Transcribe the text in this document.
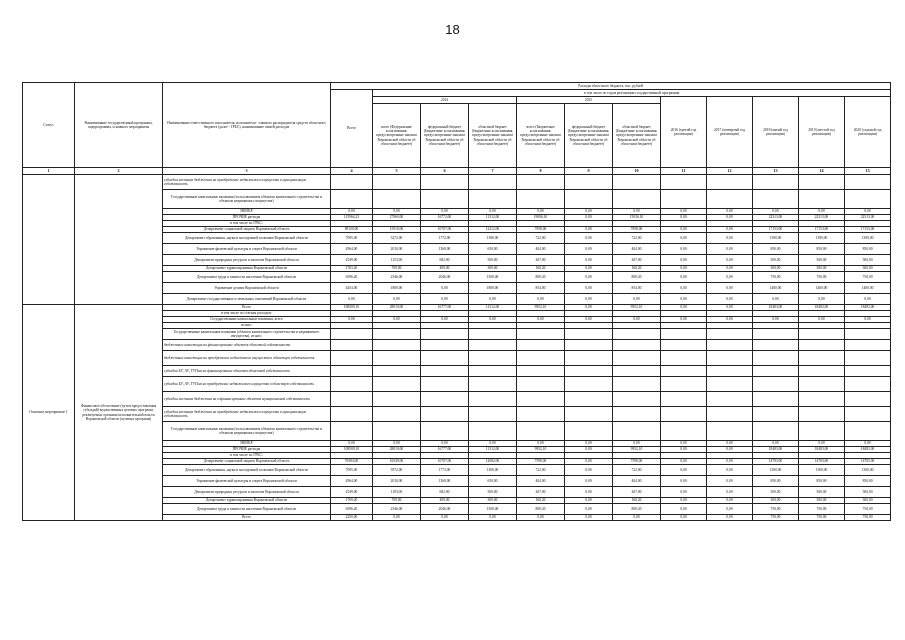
18
Статус	Наименование государственной программы, подпрограммы, основного мероприятия	Наименование ответственного исполнителя, исполнителя - главного распорядителя средств областного бюджета (далее - ГРБС), наименование связей расходов	Расходы областного бюджета, тыс. рублей											
			Всего	в том числе по годам реализации государственной программы										
				2014			2015			2016 (третий год реализации)	2017 (четвертый год реализации)	2018 (пятый год реализации)	2019 (шестой год реализации)	2020 (седьмой год реализации)
				всего (Федеральные ассигнования, предусмотренные законом Воронежской области об областном бюджете)	федеральный бюджет (Бюджетные ассигнования, предусмотренные законом Воронежской области об областном бюджете)	областной бюджет (бюджетные ассигнования, предусмотренные законом Воронежской области об областном бюджете)	всего (Бюджетные ассигнования, предусмотренные законом Воронежской области об областном бюджете)	федеральный бюджет (Бюджетные ассигнования, предусмотренные законом Воронежской области об областном бюджете)	областной бюджет (Бюджетные ассигнования, предусмотренные законом Воронежской области об областном бюджете)					
1	2	3	4	5	6	7	8	9	10	11	12	13	14	15
		субсидии местным бюджетам на приобретение недвижимого имущества в муниципальную собственность												
		Государственные капитальные вложения (за исключением объектов капитального строительства и объектов недвижимого имущества)												
		НИОКР	0,00	0,00	0,00	0,00	0,00	0,00	0,00	0,00	0,00	0,00	0,00	0,00
		ПРОЧИЕ расходы	115964,23	27960,00	16772,00	11312,00	19006,10	0,00	15036,10	0,00	0,00	22313,00	22313,00	22313,00
		в том числе по ГРБС:												
		Департамент социальной защиты Воронежской области	89130,00	15910,00	10707,00	12212,00	7858,00	0,00	7858,00	0,00	0,00	17153,00	17153,00	17153,00
		Департамент образования, науки и молодежной политики Воронежской области	7095,00	3272,00	1772,00	1380,00	722,00	0,00	722,00	0,00	0,00	1390,00	1390,00	1390,00
		Управление физической культуры и спорта Воронежской области	4964,00	2010,00	1360,00	650,00	404,00	0,00	404,00	0,00	0,00	850,00	850,00	850,00
		Департамент природных ресурсов и экологии Воронежской области	2549,00	1153,00	682,00	500,00	267,00	0,00	267,00	0,00	0,00	500,00	500,00	500,00
		Департамент здравоохранения Воронежской области	1763,20	709,00	409,00	300,00	160,20	0,00	160,20	0,00	0,00	300,00	300,00	300,00
		Департамент труда и занятости населения Воронежской области	6596,20	2546,00	2046,00	1500,00	800,20	0,00	800,20	0,00	0,00	750,00	750,00	750,00
		Управление делами Воронежской области	4454,00	1800,00	0,00	1800,00	854,00	0,00	854,00	0,00	0,00	1400,00	1400,00	1400,00
		Департамент государственных и земельных отношений Воронежской области	0,00	0,00	0,00	0,00	0,00	0,00	0,00	0,00	0,00	0,00	0,00	0,00
Основное мероприятие 1	Финансовое обеспечение (путем предоставления субсидий) ведомственных целевых программ, реализуемых органами исполнительной власти Воронежской области (целевых программ)	Всего	108509,10	28010,00	16777,00	11312,00	9952,10	0,00	9952,10	0,00	0,00	18483,00	18483,00	18483,00
		в том числе по статьям расходов:												
		Государственные капитальные вложения, всего	0,00	0,00	0,00	0,00	0,00	0,00	0,00	0,00	0,00	0,00	0,00	0,00
		из них:												
		Государственные капитальные вложения (объекты капитального строительства и недвижимого имущества), из них:												
		бюджетные инвестиции на финансирование объектов областной собственности												
		бюджетные инвестиции на приобретение недвижимого имущества в областную собственность												
		субсидии БУ, АУ, ГУПам на финансирование объектов областной собственности												
		субсидии БУ, АУ, ГУПам на приобретение недвижимого имущества в областную собственность												
		субсидии местным бюджетам на софинансирование объектов муниципальной собственности												
		субсидии местным бюджетам на приобретение недвижимого имущества в муниципальную собственность												
		Государственные капитальные вложения (за исключением объектов капитального строительства и объектов недвижимого имущества)												
		НИОКР	0,00	0,00	0,00	0,00	0,00	0,00	0,00	0,00	0,00	0,00	0,00	0,00
		ПРОЧИЕ расходы	108509,10	28010,00	16777,00	11312,00	9952,10	0,00	9952,10	0,00	0,00	18483,00	18483,00	18483,00
		в том числе по ГРБС:												
		Департамент социальной защиты Воронежской области	76584,00	16549,00	10707,00	12082,00	7598,00	0,00	7598,00	0,00	0,00	14783,00	14783,00	14783,00
		Департамент образования, науки и молодежной политики Воронежской области	7095,00	3972,00	1773,00	1300,00	722,00	0,00	722,00	0,00	0,00	1300,00	1300,00	1300,00
		Управление физической культуры и спорта Воронежской области	4964,00	2010,00	1360,00	650,00	404,00	0,00	404,00	0,00	0,00	850,00	850,00	850,00
		Департамент природных ресурсов и экологии Воронежской области	2549,00	1183,00	682,00	500,00	267,00	0,00	267,00	0,00	0,00	500,00	500,00	500,00
		Департамент здравоохранения Воронежской области	1769,20	709,00	409,00	300,00	160,20	0,00	160,20	0,00	0,00	300,00	300,00	300,00
		Департамент труда и занятости населения Воронежской области	6596,20	2546,00	2046,00	1500,00	800,20	0,00	800,20	0,00	0,00	750,00	750,00	750,00
		Всего	2250,00	0,00	0,00	0,00	0,00	0,00	0,00	0,00	0,00	750,00	750,00	750,00
